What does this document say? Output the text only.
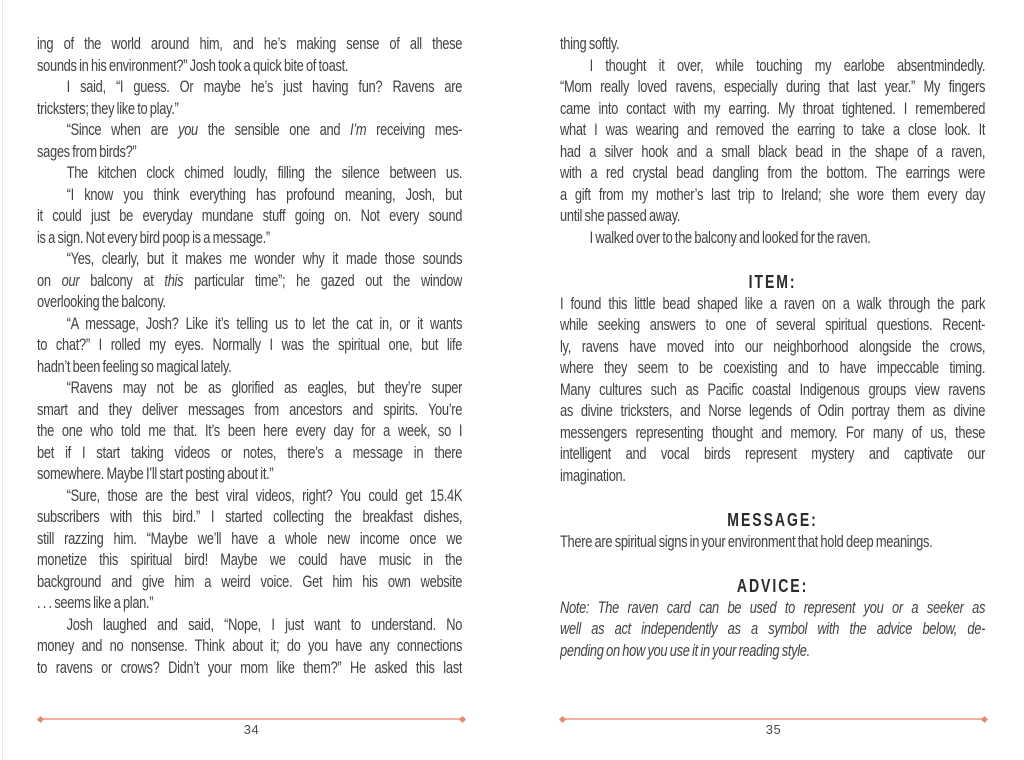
ing of the world around him, and he’s making sense of all these
sounds in his environment?” Josh took a quick bite of toast.
I said, “I guess. Or maybe he’s just having fun? Ravens are
tricksters; they like to play.”
“Since when are you the sensible one and I’m receiving mes-
sages from birds?”
The kitchen clock chimed loudly, filling the silence between us.
“I know you think everything has profound meaning, Josh, but
it could just be everyday mundane stuff going on. Not every sound
is a sign. Not every bird poop is a message.”
“Yes, clearly, but it makes me wonder why it made those sounds
on our balcony at this particular time”; he gazed out the window
overlooking the balcony.
“A message, Josh? Like it’s telling us to let the cat in, or it wants
to chat?” I rolled my eyes. Normally I was the spiritual one, but life
hadn’t been feeling so magical lately.
“Ravens may not be as glorified as eagles, but they’re super
smart and they deliver messages from ancestors and spirits. You’re
the one who told me that. It’s been here every day for a week, so I
bet if I start taking videos or notes, there’s a message in there
somewhere. Maybe I’ll start posting about it.”
“Sure, those are the best viral videos, right? You could get 15.4K
subscribers with this bird.” I started collecting the breakfast dishes,
still razzing him. “Maybe we’ll have a whole new income once we
monetize this spiritual bird! Maybe we could have music in the
background and give him a weird voice. Get him his own website
. . . seems like a plan.”
Josh laughed and said, “Nope, I just want to understand. No
money and no nonsense. Think about it; do you have any connections
to ravens or crows? Didn’t your mom like them?” He asked this last
34
thing softly.
I thought it over, while touching my earlobe absentmindedly.
“Mom really loved ravens, especially during that last year.” My fingers
came into contact with my earring. My throat tightened. I remembered
what I was wearing and removed the earring to take a close look. It
had a silver hook and a small black bead in the shape of a raven,
with a red crystal bead dangling from the bottom. The earrings were
a gift from my mother’s last trip to Ireland; she wore them every day
until she passed away.
I walked over to the balcony and looked for the raven.
ITEM:
I found this little bead shaped like a raven on a walk through the park
while seeking answers to one of several spiritual questions. Recent-
ly, ravens have moved into our neighborhood alongside the crows,
where they seem to be coexisting and to have impeccable timing.
Many cultures such as Pacific coastal Indigenous groups view ravens
as divine tricksters, and Norse legends of Odin portray them as divine
messengers representing thought and memory. For many of us, these
intelligent and vocal birds represent mystery and captivate our
imagination.
MESSAGE:
There are spiritual signs in your environment that hold deep meanings.
ADVICE:
Note: The raven card can be used to represent you or a seeker as
well as act independently as a symbol with the advice below, de-
pending on how you use it in your reading style.
35
